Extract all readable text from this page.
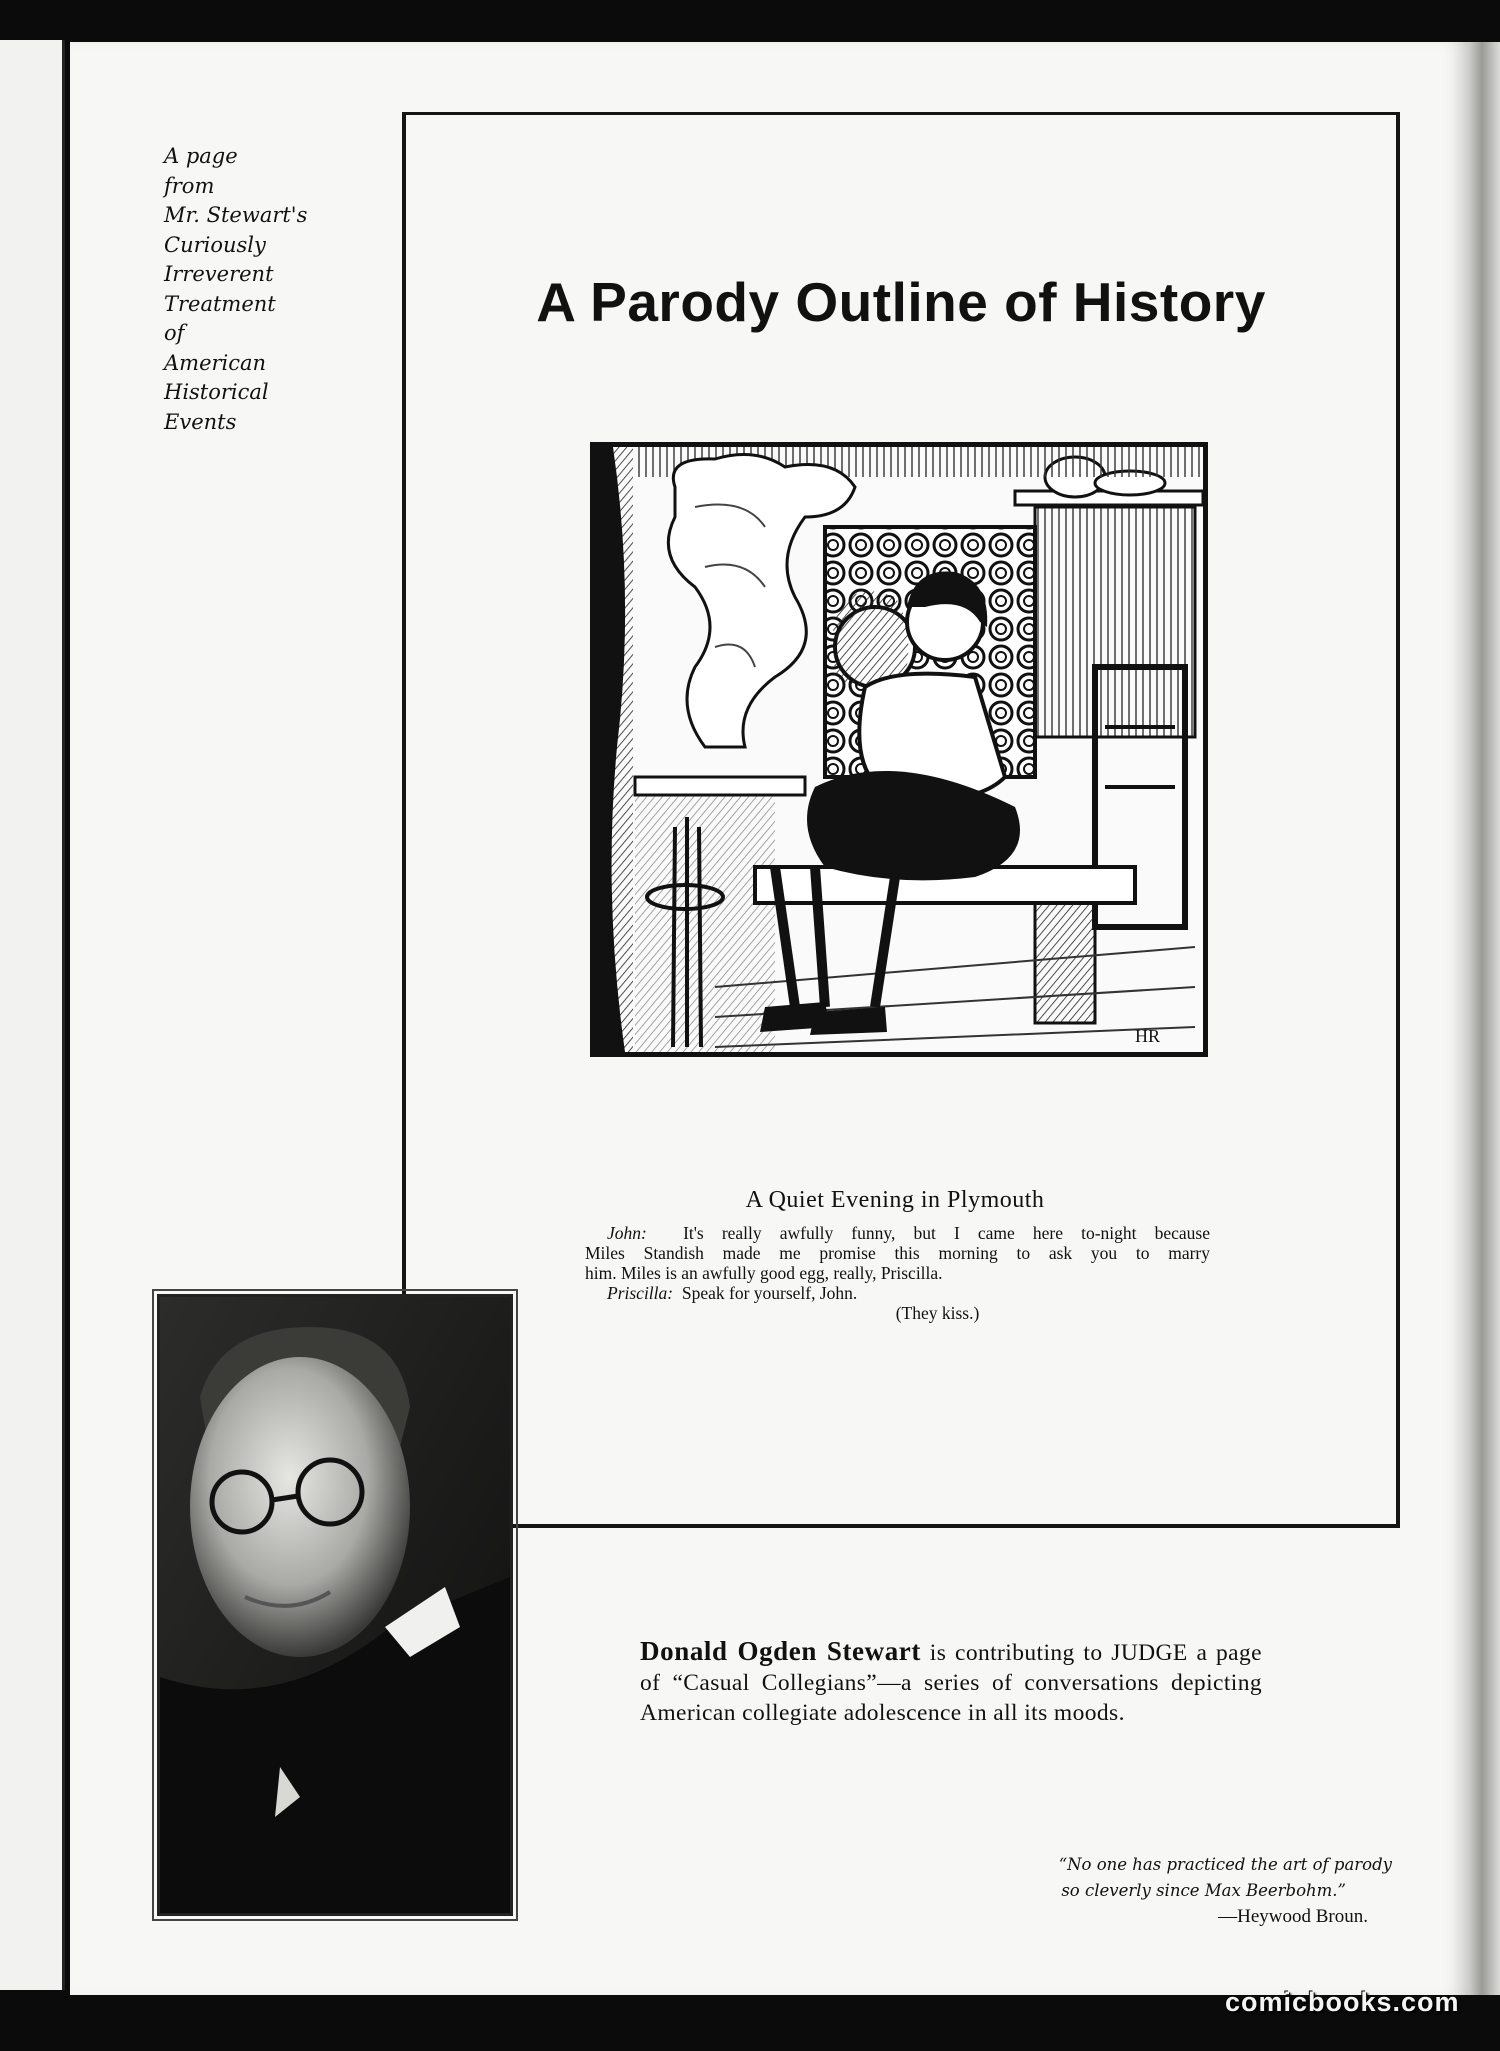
A page
from
Mr. Stewart's
Curiously
Irreverent
Treatment
of
American
Historical
Events
A Parody Outline of History
HR
A Quiet Evening in Plymouth
John: It's really awfully funny, but I came here to-night because
Miles Standish made me promise this morning to ask you to marry
him. Miles is an awfully good egg, really, Priscilla.
Priscilla: Speak for yourself, John.
(They kiss.)
Donald Ogden Stewart is contributing to JUDGE a page of “Casual Collegians”—a series of conversations depicting American collegiate adolescence in all its moods.
“No one has practiced the art of parody
so cleverly since Max Beerbohm.”
—Heywood Broun.
comicbooks.com
